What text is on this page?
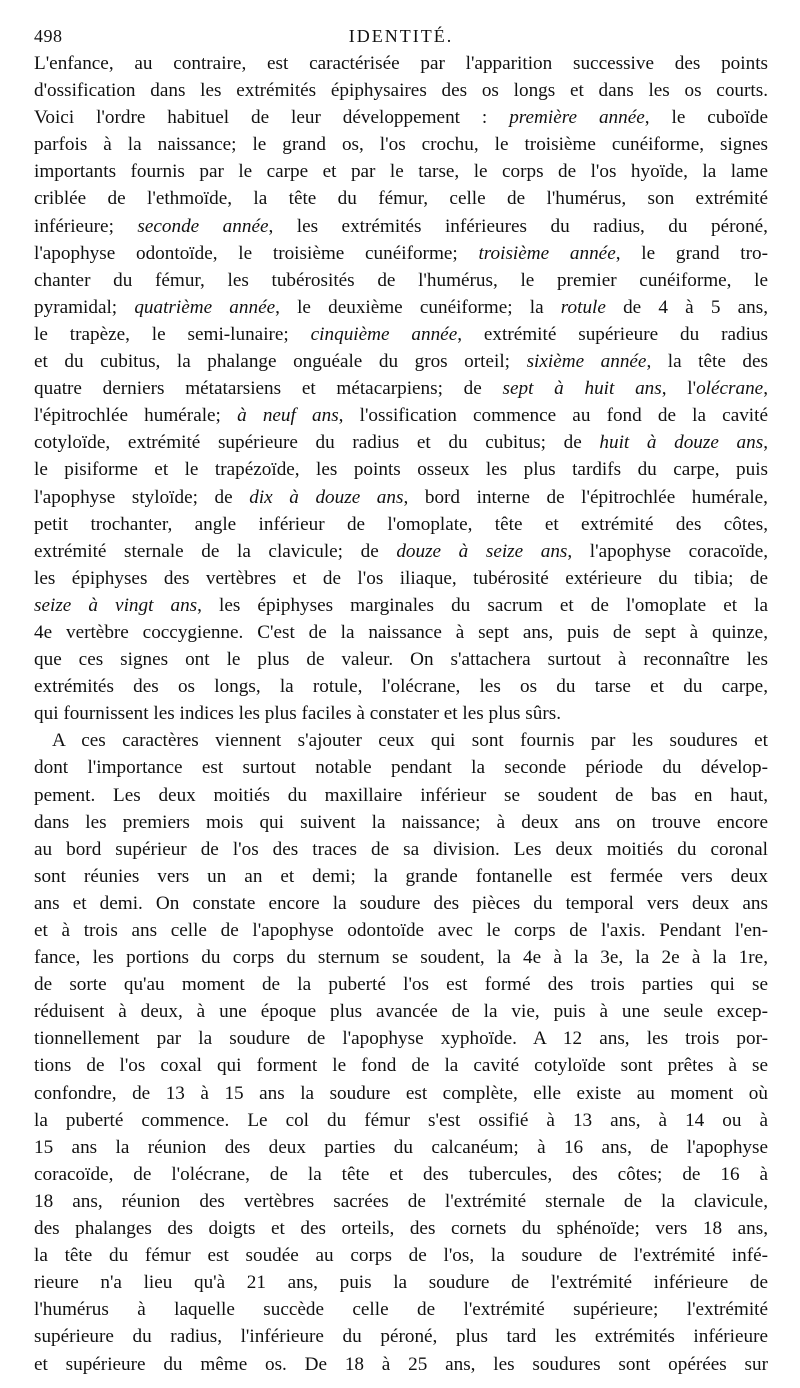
498	IDENTITÉ.
L'enfance, au contraire, est caractérisée par l'apparition successive des points
d'ossification dans les extrémités épiphysaires des os longs et dans les os courts.
Voici l'ordre habituel de leur développement : première année, le cuboïde
parfois à la naissance; le grand os, l'os crochu, le troisième cunéiforme, signes
importants fournis par le carpe et par le tarse, le corps de l'os hyoïde, la lame
criblée de l'ethmoïde, la tête du fémur, celle de l'humérus, son extrémité
inférieure; seconde année, les extrémités inférieures du radius, du péroné,
l'apophyse odontoïde, le troisième cunéiforme; troisième année, le grand tro-
chanter du fémur, les tubérosités de l'humérus, le premier cunéiforme, le
pyramidal; quatrième année, le deuxième cunéiforme; la rotule de 4 à 5 ans,
le trapèze, le semi-lunaire; cinquième année, extrémité supérieure du radius
et du cubitus, la phalange onguéale du gros orteil; sixième année, la tête des
quatre derniers métatarsiens et métacarpiens; de sept à huit ans, l'olécrane,
l'épitrochlée humérale; à neuf ans, l'ossification commence au fond de la cavité
cotyloïde, extrémité supérieure du radius et du cubitus; de huit à douze ans,
le pisiforme et le trapézoïde, les points osseux les plus tardifs du carpe, puis
l'apophyse styloïde; de dix à douze ans, bord interne de l'épitrochlée humérale,
petit trochanter, angle inférieur de l'omoplate, tête et extrémité des côtes,
extrémité sternale de la clavicule; de douze à seize ans, l'apophyse coracoïde,
les épiphyses des vertèbres et de l'os iliaque, tubérosité extérieure du tibia; de
seize à vingt ans, les épiphyses marginales du sacrum et de l'omoplate et la
4e vertèbre coccygienne. C'est de la naissance à sept ans, puis de sept à quinze,
que ces signes ont le plus de valeur. On s'attachera surtout à reconnaître les
extrémités des os longs, la rotule, l'olécrane, les os du tarse et du carpe,
qui fournissent les indices les plus faciles à constater et les plus sûrs.
A ces caractères viennent s'ajouter ceux qui sont fournis par les soudures et
dont l'importance est surtout notable pendant la seconde période du dévelop-
pement. Les deux moitiés du maxillaire inférieur se soudent de bas en haut,
dans les premiers mois qui suivent la naissance; à deux ans on trouve encore
au bord supérieur de l'os des traces de sa division. Les deux moitiés du coronal
sont réunies vers un an et demi; la grande fontanelle est fermée vers deux
ans et demi. On constate encore la soudure des pièces du temporal vers deux ans
et à trois ans celle de l'apophyse odontoïde avec le corps de l'axis. Pendant l'en-
fance, les portions du corps du sternum se soudent, la 4e à la 3e, la 2e à la 1re,
de sorte qu'au moment de la puberté l'os est formé des trois parties qui se
réduisent à deux, à une époque plus avancée de la vie, puis à une seule excep-
tionnellement par la soudure de l'apophyse xyphoïde. A 12 ans, les trois por-
tions de l'os coxal qui forment le fond de la cavité cotyloïde sont prêtes à se
confondre, de 13 à 15 ans la soudure est complète, elle existe au moment où
la puberté commence. Le col du fémur s'est ossifié à 13 ans, à 14 ou à
15 ans la réunion des deux parties du calcanéum; à 16 ans, de l'apophyse
coracoïde, de l'olécrane, de la tête et des tubercules, des côtes; de 16 à
18 ans, réunion des vertèbres sacrées de l'extrémité sternale de la clavicule,
des phalanges des doigts et des orteils, des cornets du sphénoïde; vers 18 ans,
la tête du fémur est soudée au corps de l'os, la soudure de l'extrémité infé-
rieure n'a lieu qu'à 21 ans, puis la soudure de l'extrémité inférieure de
l'humérus à laquelle succède celle de l'extrémité supérieure; l'extrémité
supérieure du radius, l'inférieure du péroné, plus tard les extrémités inférieure
et supérieure du même os. De 18 à 25 ans, les soudures sont opérées sur
